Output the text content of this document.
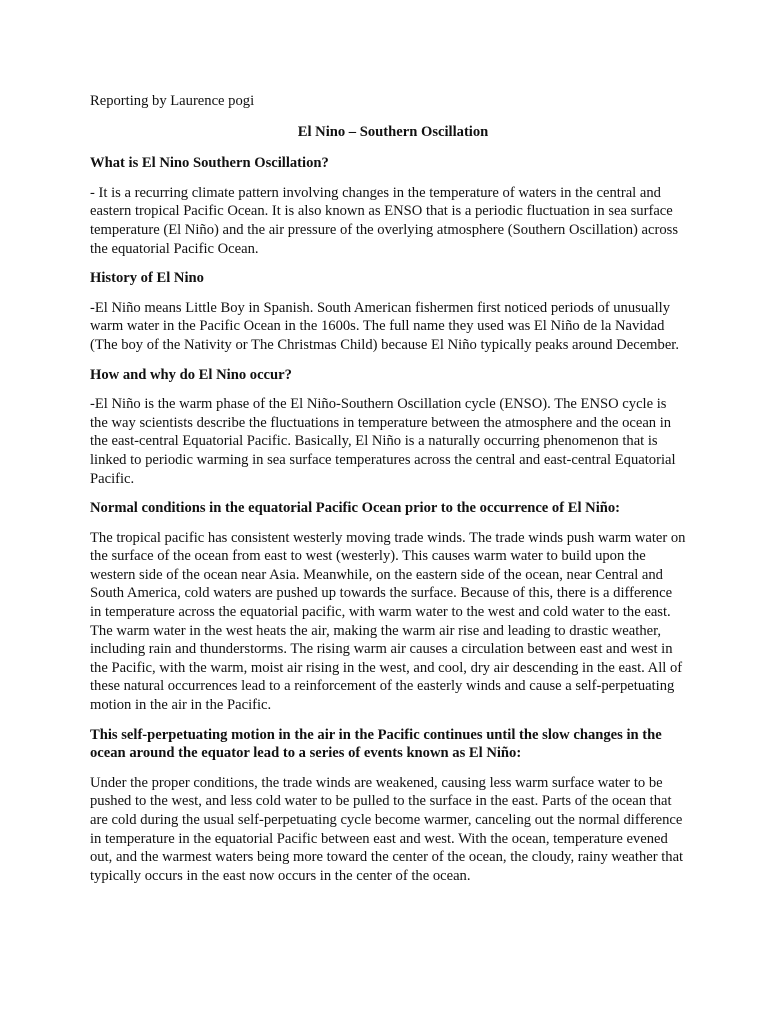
Reporting by Laurence pogi

El Nino – Southern Oscillation

What is El Nino Southern Oscillation?

- It is a recurring climate pattern involving changes in the temperature of waters in the central and eastern tropical Pacific Ocean. It is also known as ENSO that is a periodic fluctuation in sea surface temperature (El Niño) and the air pressure of the overlying atmosphere (Southern Oscillation) across the equatorial Pacific Ocean.

History of El Nino

-El Niño means Little Boy in Spanish. South American fishermen first noticed periods of unusually warm water in the Pacific Ocean in the 1600s. The full name they used was El Niño de la Navidad (The boy of the Nativity or The Christmas Child) because El Niño typically peaks around December.

How and why do El Nino occur?

-El Niño is the warm phase of the El Niño-Southern Oscillation cycle (ENSO). The ENSO cycle is the way scientists describe the fluctuations in temperature between the atmosphere and the ocean in the east-central Equatorial Pacific. Basically, El Niño is a naturally occurring phenomenon that is linked to periodic warming in sea surface temperatures across the central and east-central Equatorial Pacific.

Normal conditions in the equatorial Pacific Ocean prior to the occurrence of El Niño:

The tropical pacific has consistent westerly moving trade winds. The trade winds push warm water on the surface of the ocean from east to west (westerly). This causes warm water to build upon the western side of the ocean near Asia. Meanwhile, on the eastern side of the ocean, near Central and South America, cold waters are pushed up towards the surface. Because of this, there is a difference in temperature across the equatorial pacific, with warm water to the west and cold water to the east. The warm water in the west heats the air, making the warm air rise and leading to drastic weather, including rain and thunderstorms. The rising warm air causes a circulation between east and west in the Pacific, with the warm, moist air rising in the west, and cool, dry air descending in the east. All of these natural occurrences lead to a reinforcement of the easterly winds and cause a self-perpetuating motion in the air in the Pacific.

This self-perpetuating motion in the air in the Pacific continues until the slow changes in the ocean around the equator lead to a series of events known as El Niño:

Under the proper conditions, the trade winds are weakened, causing less warm surface water to be pushed to the west, and less cold water to be pulled to the surface in the east. Parts of the ocean that are cold during the usual self-perpetuating cycle become warmer, canceling out the normal difference in temperature in the equatorial Pacific between east and west. With the ocean, temperature evened out, and the warmest waters being more toward the center of the ocean, the cloudy, rainy weather that typically occurs in the east now occurs in the center of the ocean.
